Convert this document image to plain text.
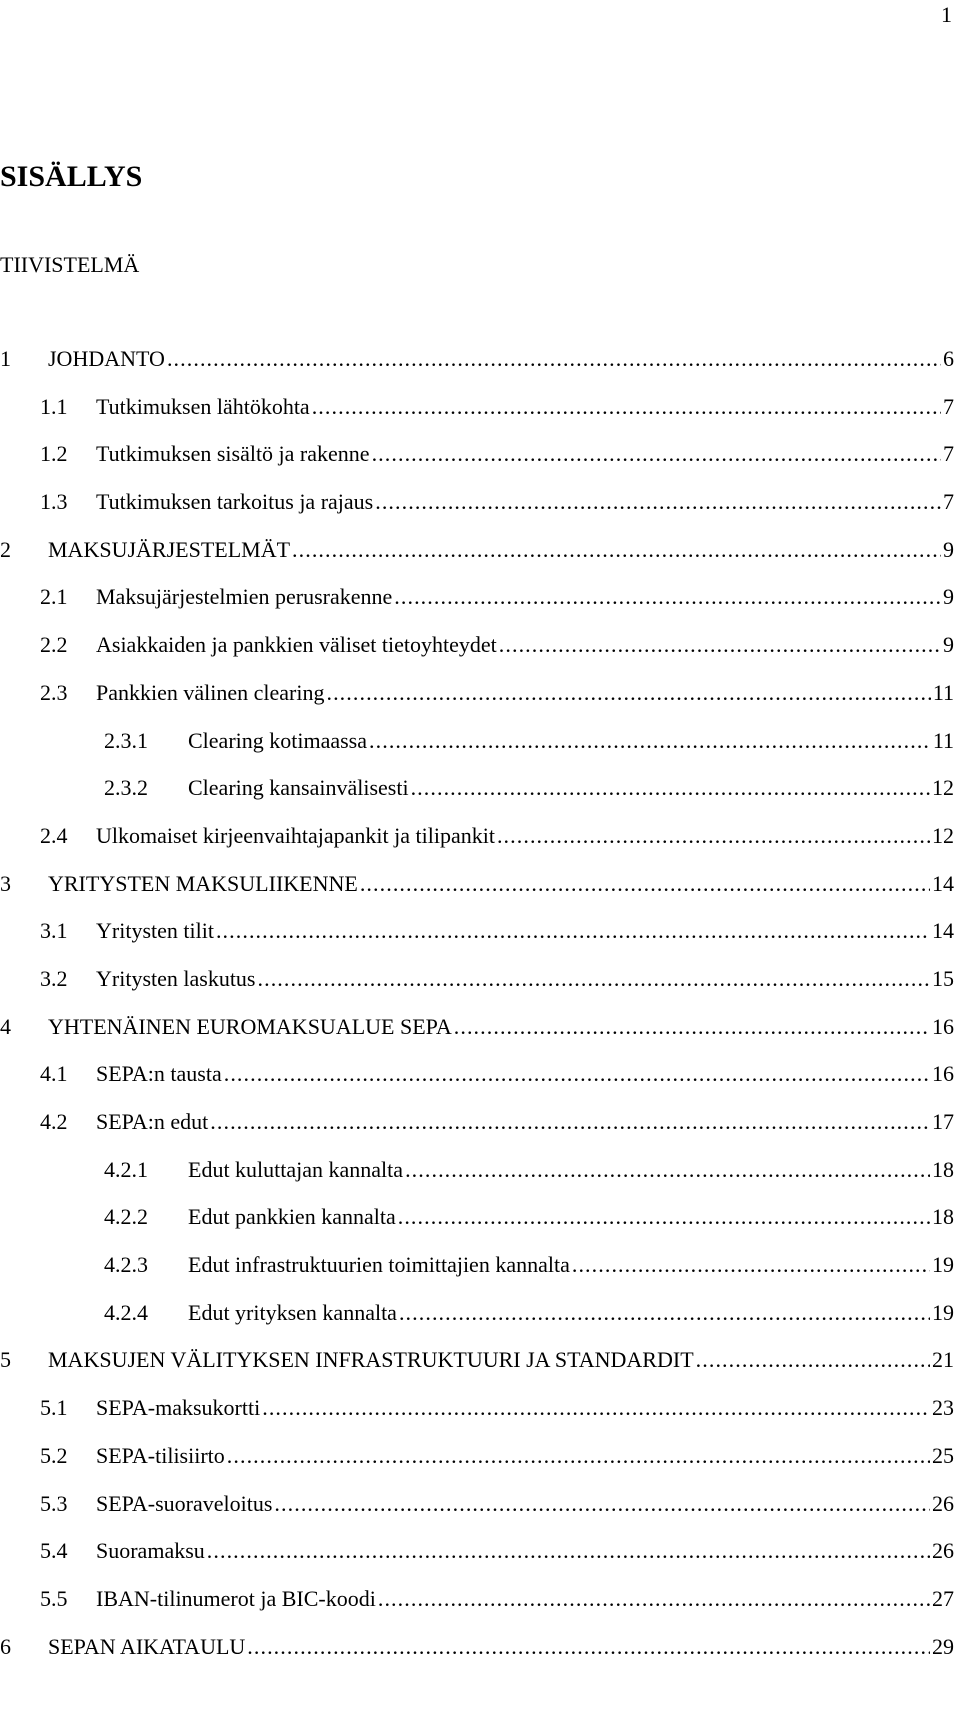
1
SISÄLLYS
TIIVISTELMÄ
1	JOHDANTO . . .	6
1.1	Tutkimuksen lähtökohta . . .	7
1.2	Tutkimuksen sisältö ja rakenne . . .	7
1.3	Tutkimuksen tarkoitus ja rajaus . . .	7
2	MAKSUJÄRJESTELMÄT . . .	9
2.1	Maksujärjestelmien perusrakenne . . .	9
2.2	Asiakkaiden ja pankkien väliset tietoyhteydet . . .	9
2.3	Pankkien välinen clearing . . .	11
2.3.1	Clearing kotimaassa . . .	11
2.3.2	Clearing kansainvälisesti . . .	12
2.4	Ulkomaiset kirjeenvaihtajapankit ja tilipankit . . .	12
3	YRITYSTEN MAKSULIIKENNE . . .	14
3.1	Yritysten tilit . . .	14
3.2	Yritysten laskutus . . .	15
4	YHTENÄINEN EUROMAKSUALUE SEPA . . .	16
4.1	SEPA:n tausta . . .	16
4.2	SEPA:n edut . . .	17
4.2.1	Edut kuluttajan kannalta . . .	18
4.2.2	Edut pankkien kannalta . . .	18
4.2.3	Edut infrastruktuurien toimittajien kannalta . . .	19
4.2.4	Edut yrityksen kannalta . . .	19
5	MAKSUJEN VÄLITYKSEN INFRASTRUKTUURI JA STANDARDIT . . .	21
5.1	SEPA-maksukortti . . .	23
5.2	SEPA-tilisiirto . . .	25
5.3	SEPA-suoraveloitus . . .	26
5.4	Suoramaksu . . .	26
5.5	IBAN-tilinumerot ja BIC-koodi . . .	27
6	SEPAN AIKATAULU . . .	29
